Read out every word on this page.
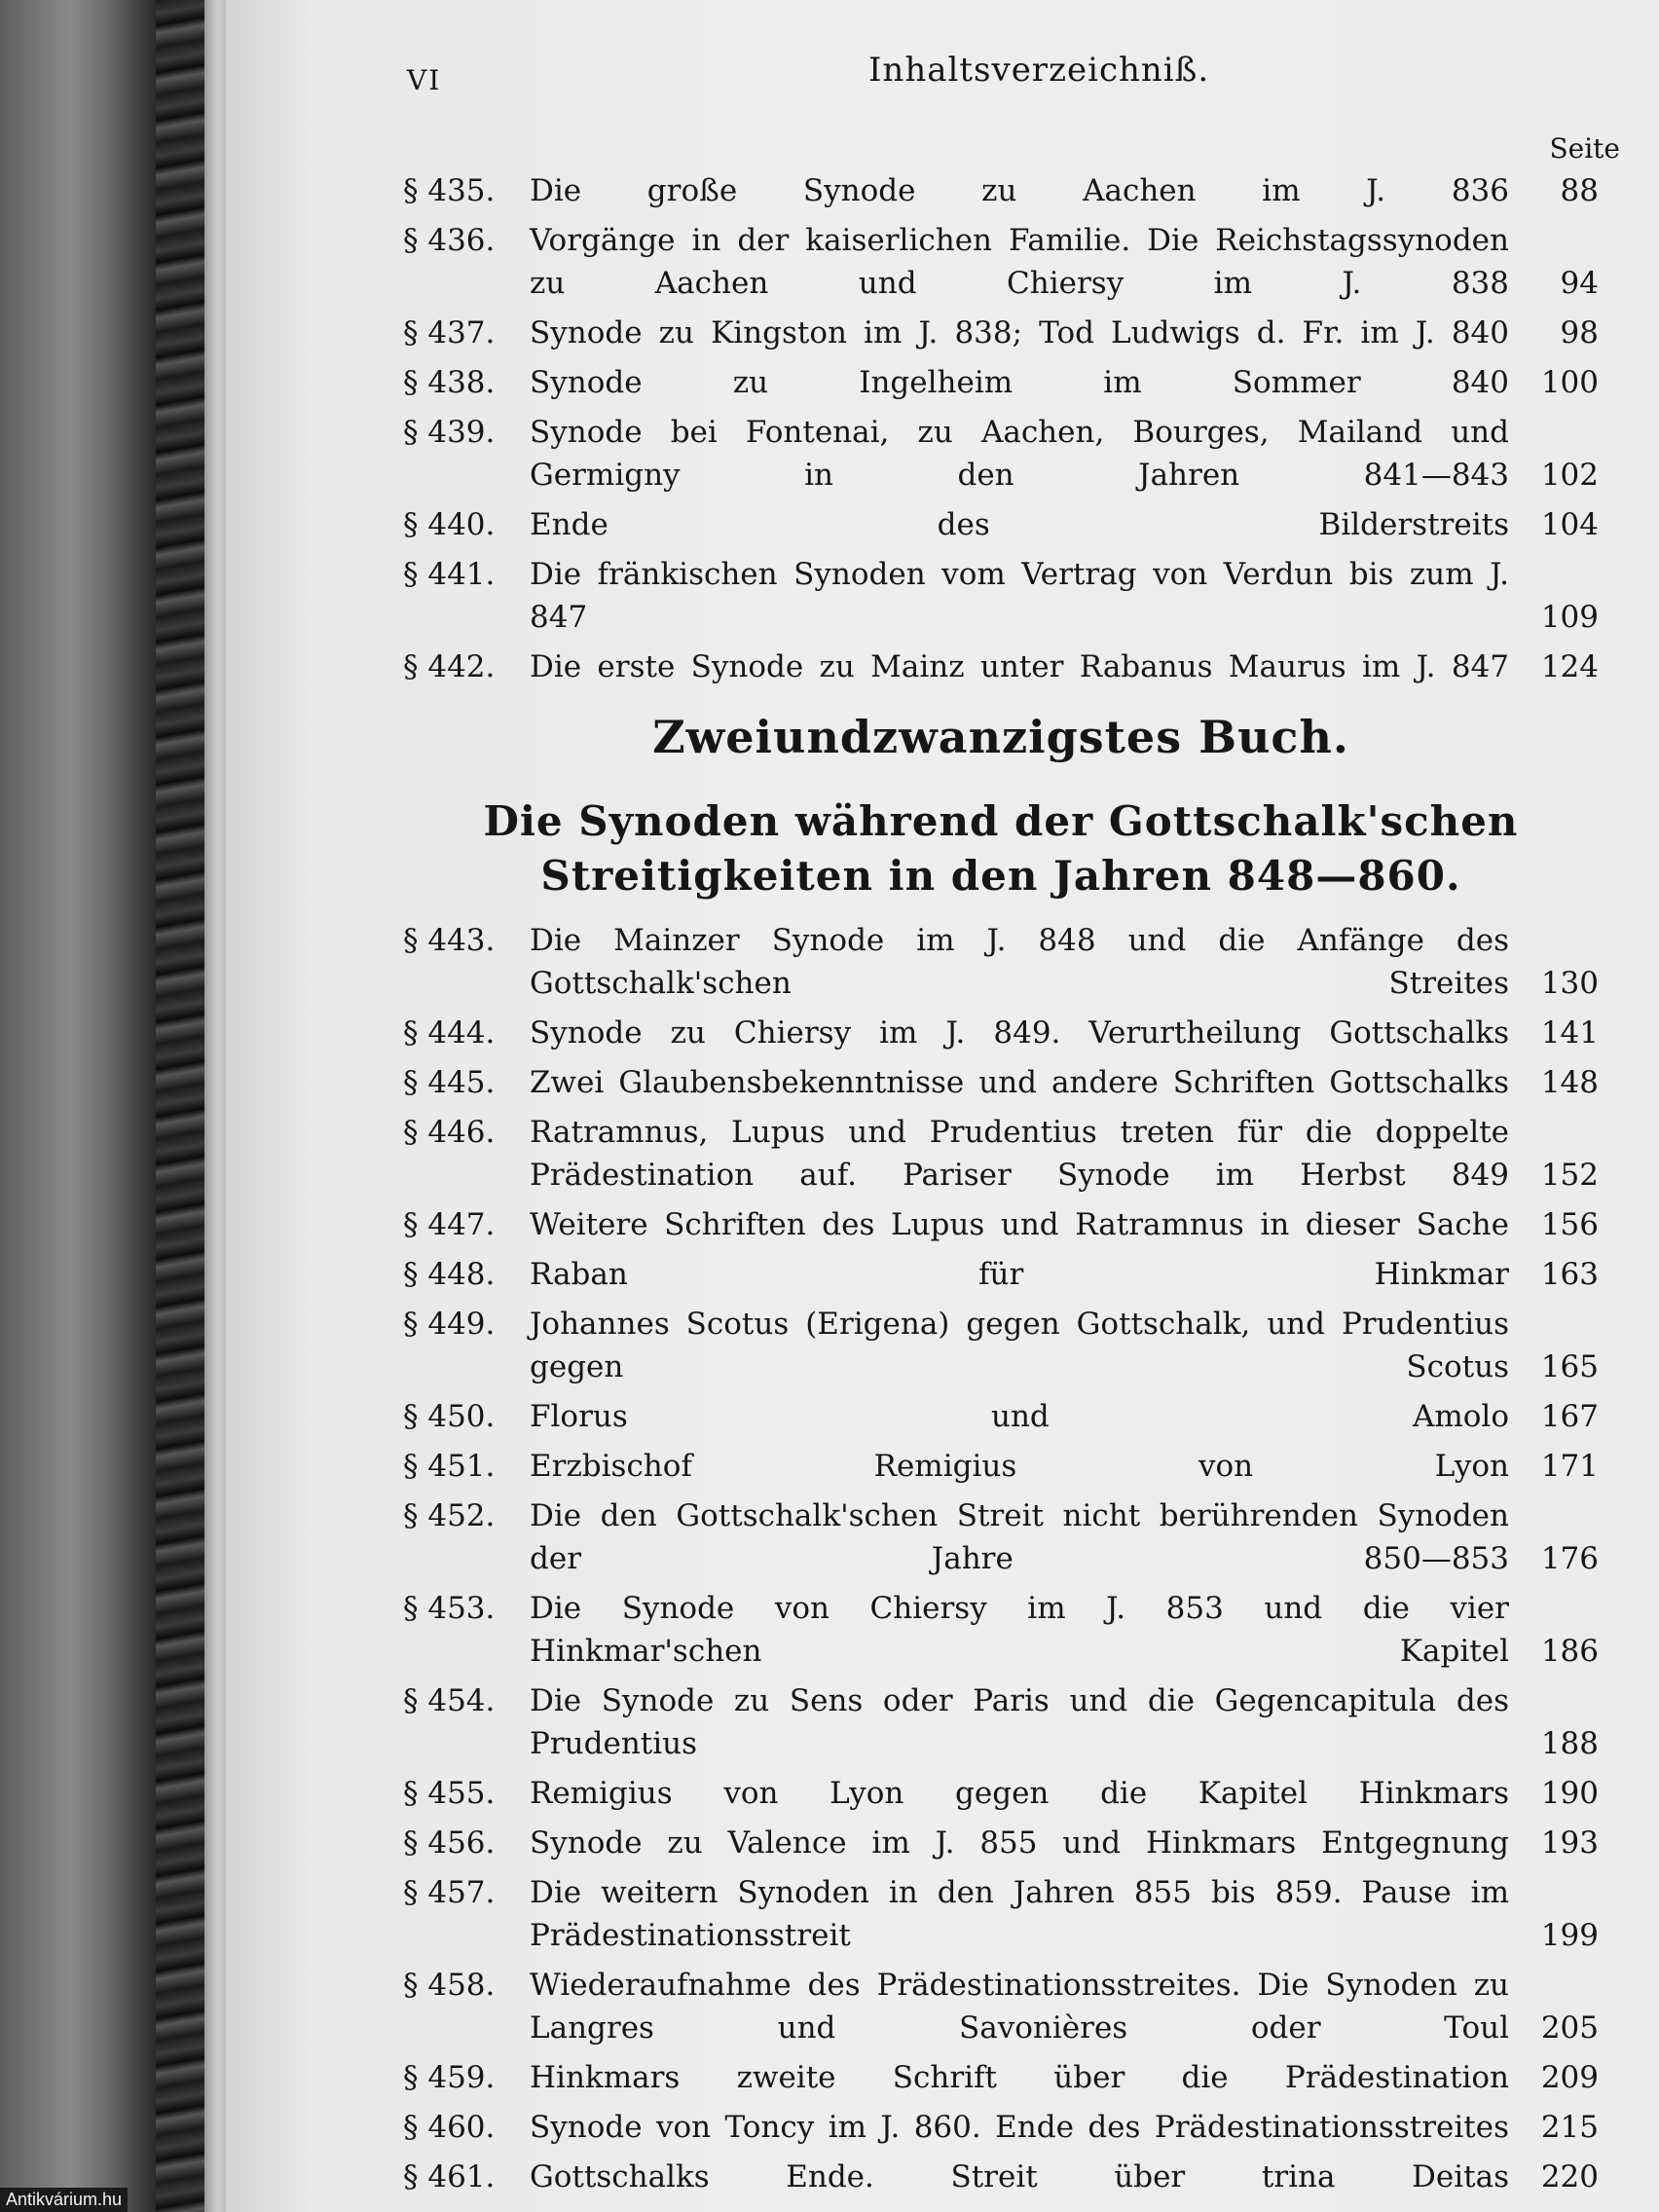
VI	Inhaltsverzeichniß.
Seite
§ 435.	Die große Synode zu Aachen im J. 836	88
§ 436.	Vorgänge in der kaiserlichen Familie. Die Reichstagssynoden zu Aachen und Chiersy im J. 838	94
§ 437.	Synode zu Kingston im J. 838; Tod Ludwigs d. Fr. im J. 840	98
§ 438.	Synode zu Ingelheim im Sommer 840	100
§ 439.	Synode bei Fontenai, zu Aachen, Bourges, Mailand und Germigny in den Jahren 841—843	102
§ 440.	Ende des Bilderstreits	104
§ 441.	Die fränkischen Synoden vom Vertrag von Verdun bis zum J. 847	109
§ 442.	Die erste Synode zu Mainz unter Rabanus Maurus im J. 847	124
Zweiundzwanzigstes Buch.
Die Synoden während der Gottschalk'schen Streitigkeiten in den Jahren 848—860.
§ 443.	Die Mainzer Synode im J. 848 und die Anfänge des Gottschalk'schen Streites	130
§ 444.	Synode zu Chiersy im J. 849. Verurtheilung Gottschalks	141
§ 445.	Zwei Glaubensbekenntnisse und andere Schriften Gottschalks	148
§ 446.	Ratramnus, Lupus und Prudentius treten für die doppelte Prädestination auf. Pariser Synode im Herbst 849	152
§ 447.	Weitere Schriften des Lupus und Ratramnus in dieser Sache	156
§ 448.	Raban für Hinkmar	163
§ 449.	Johannes Scotus (Erigena) gegen Gottschalk, und Prudentius gegen Scotus	165
§ 450.	Florus und Amolo	167
§ 451.	Erzbischof Remigius von Lyon	171
§ 452.	Die den Gottschalk'schen Streit nicht berührenden Synoden der Jahre 850—853	176
§ 453.	Die Synode von Chiersy im J. 853 und die vier Hinkmar'schen Kapitel	186
§ 454.	Die Synode zu Sens oder Paris und die Gegencapitula des Prudentius	188
§ 455.	Remigius von Lyon gegen die Kapitel Hinkmars	190
§ 456.	Synode zu Valence im J. 855 und Hinkmars Entgegnung	193
§ 457.	Die weitern Synoden in den Jahren 855 bis 859. Pause im Prädestinationsstreit	199
§ 458.	Wiederaufnahme des Prädestinationsstreites. Die Synoden zu Langres und Savonières oder Toul	205
§ 459.	Hinkmars zweite Schrift über die Prädestination	209
§ 460.	Synode von Toncy im J. 860. Ende des Prädestinationsstreites	215
§ 461.	Gottschalks Ende. Streit über trina Deitas	220
Antikvárium.hu
